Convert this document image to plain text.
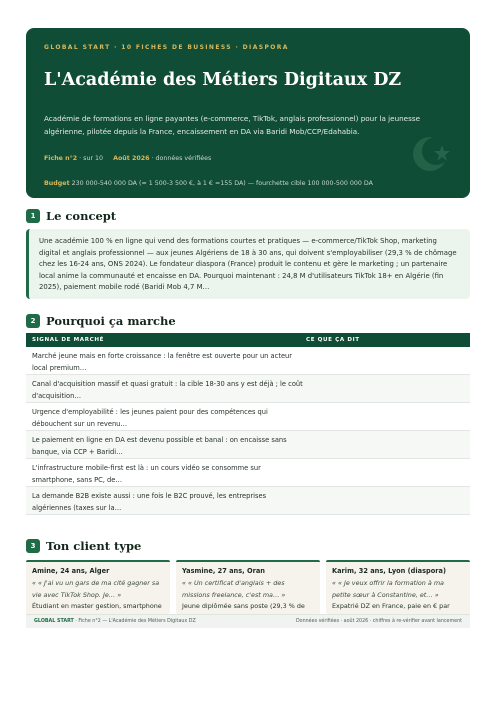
GLOBAL START · 10 FICHES DE BUSINESS · DIASPORA
L'Académie des Métiers Digitaux DZ
Académie de formations en ligne payantes (e-commerce, TikTok, anglais professionnel) pour la jeunesse algérienne, pilotée depuis la France, encaissement en DA via Baridi Mob/CCP/Edahabia.
Fiche n°2 · sur 10 Août 2026 · données vérifiées
Budget 230 000-540 000 DA (≈ 1 500-3 500 €, à 1 € =155 DA) — fourchette cible 100 000-500 000 DA
1 Le concept
Une académie 100 % en ligne qui vend des formations courtes et pratiques — e-commerce/TikTok Shop, marketing digital et anglais professionnel — aux jeunes Algériens de 18 à 30 ans, qui doivent s'employabiliser (29,3 % de chômage chez les 16-24 ans, ONS 2024). Le fondateur diaspora (France) produit le contenu et gère le marketing ; un partenaire local anime la communauté et encaisse en DA. Pourquoi maintenant : 24,8 M d'utilisateurs TikTok 18+ en Algérie (fin 2025), paiement mobile rodé (Baridi Mob 4,7 M…
2 Pourquoi ça marche
SIGNAL DE MARCHÉ	CE QUE ÇA DIT
Marché jeune mais en forte croissance : la fenêtre est ouverte pour un acteur local premium…
Canal d'acquisition massif et quasi gratuit : la cible 18-30 ans y est déjà ; le coût d'acquisition…
Urgence d'employabilité : les jeunes paient pour des compétences qui débouchent sur un revenu…
Le paiement en ligne en DA est devenu possible et banal : on encaisse sans banque, via CCP + Baridi…
L'infrastructure mobile-first est là : un cours vidéo se consomme sur smartphone, sans PC, de…
La demande B2B existe aussi : une fois le B2C prouvé, les entreprises algériennes (taxes sur la…
3 Ton client type
Amine, 24 ans, Alger
« « J'ai vu un gars de ma cité gagner sa vie avec TikTok Shop. Je… »
Étudiant en master gestion, smartphone
Yasmine, 27 ans, Oran
« « Un certificat d'anglais + des missions freelance, c'est ma… »
Jeune diplômée sans poste (29,3 % de
Karim, 32 ans, Lyon (diaspora)
« « Je veux offrir la formation à ma petite sœur à Constantine, et… »
Expatrié DZ en France, paie en € par
GLOBAL START · Fiche n°2 — L'Académie des Métiers Digitaux DZ	Données vérifiées · août 2026 · chiffres à re-vérifier avant lancement
